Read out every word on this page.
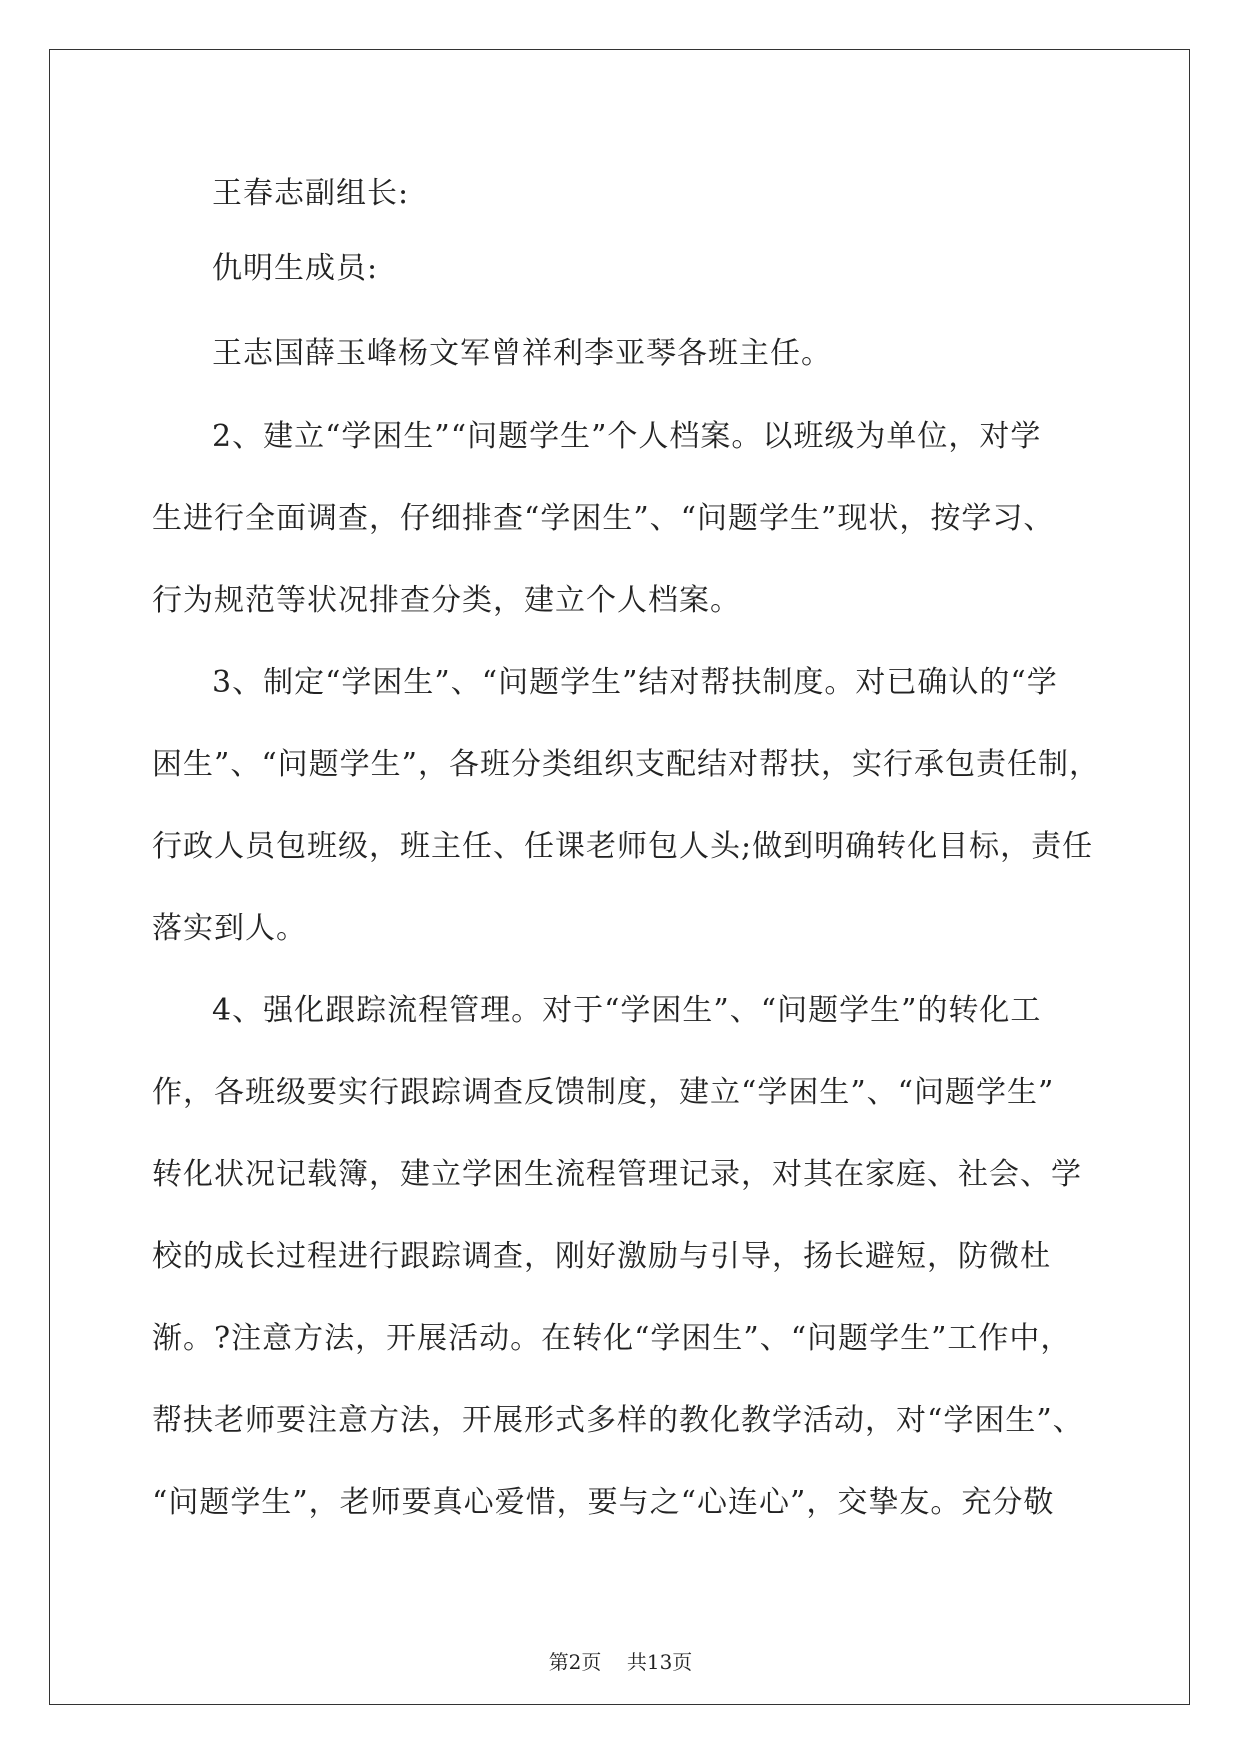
王春志副组长:
仇明生成员:
王志国薛玉峰杨文军曾祥利李亚琴各班主任。
2、建立“学困生”“问题学生”个人档案。以班级为单位，对学
生进行全面调查，仔细排查“学困生”、“问题学生”现状，按学习、
行为规范等状况排查分类，建立个人档案。
3、制定“学困生”、“问题学生”结对帮扶制度。对已确认的“学
困生”、“问题学生”，各班分类组织支配结对帮扶，实行承包责任制，
行政人员包班级，班主任、任课老师包人头;做到明确转化目标，责任
落实到人。
4、强化跟踪流程管理。对于“学困生”、“问题学生”的转化工
作，各班级要实行跟踪调查反馈制度，建立“学困生”、“问题学生”
转化状况记载簿，建立学困生流程管理记录，对其在家庭、社会、学
校的成长过程进行跟踪调查，刚好激励与引导，扬长避短，防微杜
渐。?注意方法，开展活动。在转化“学困生”、“问题学生”工作中，
帮扶老师要注意方法，开展形式多样的教化教学活动，对“学困生”、
“问题学生”，老师要真心爱惜，要与之“心连心”，交挚友。充分敬
第2页 共13页
